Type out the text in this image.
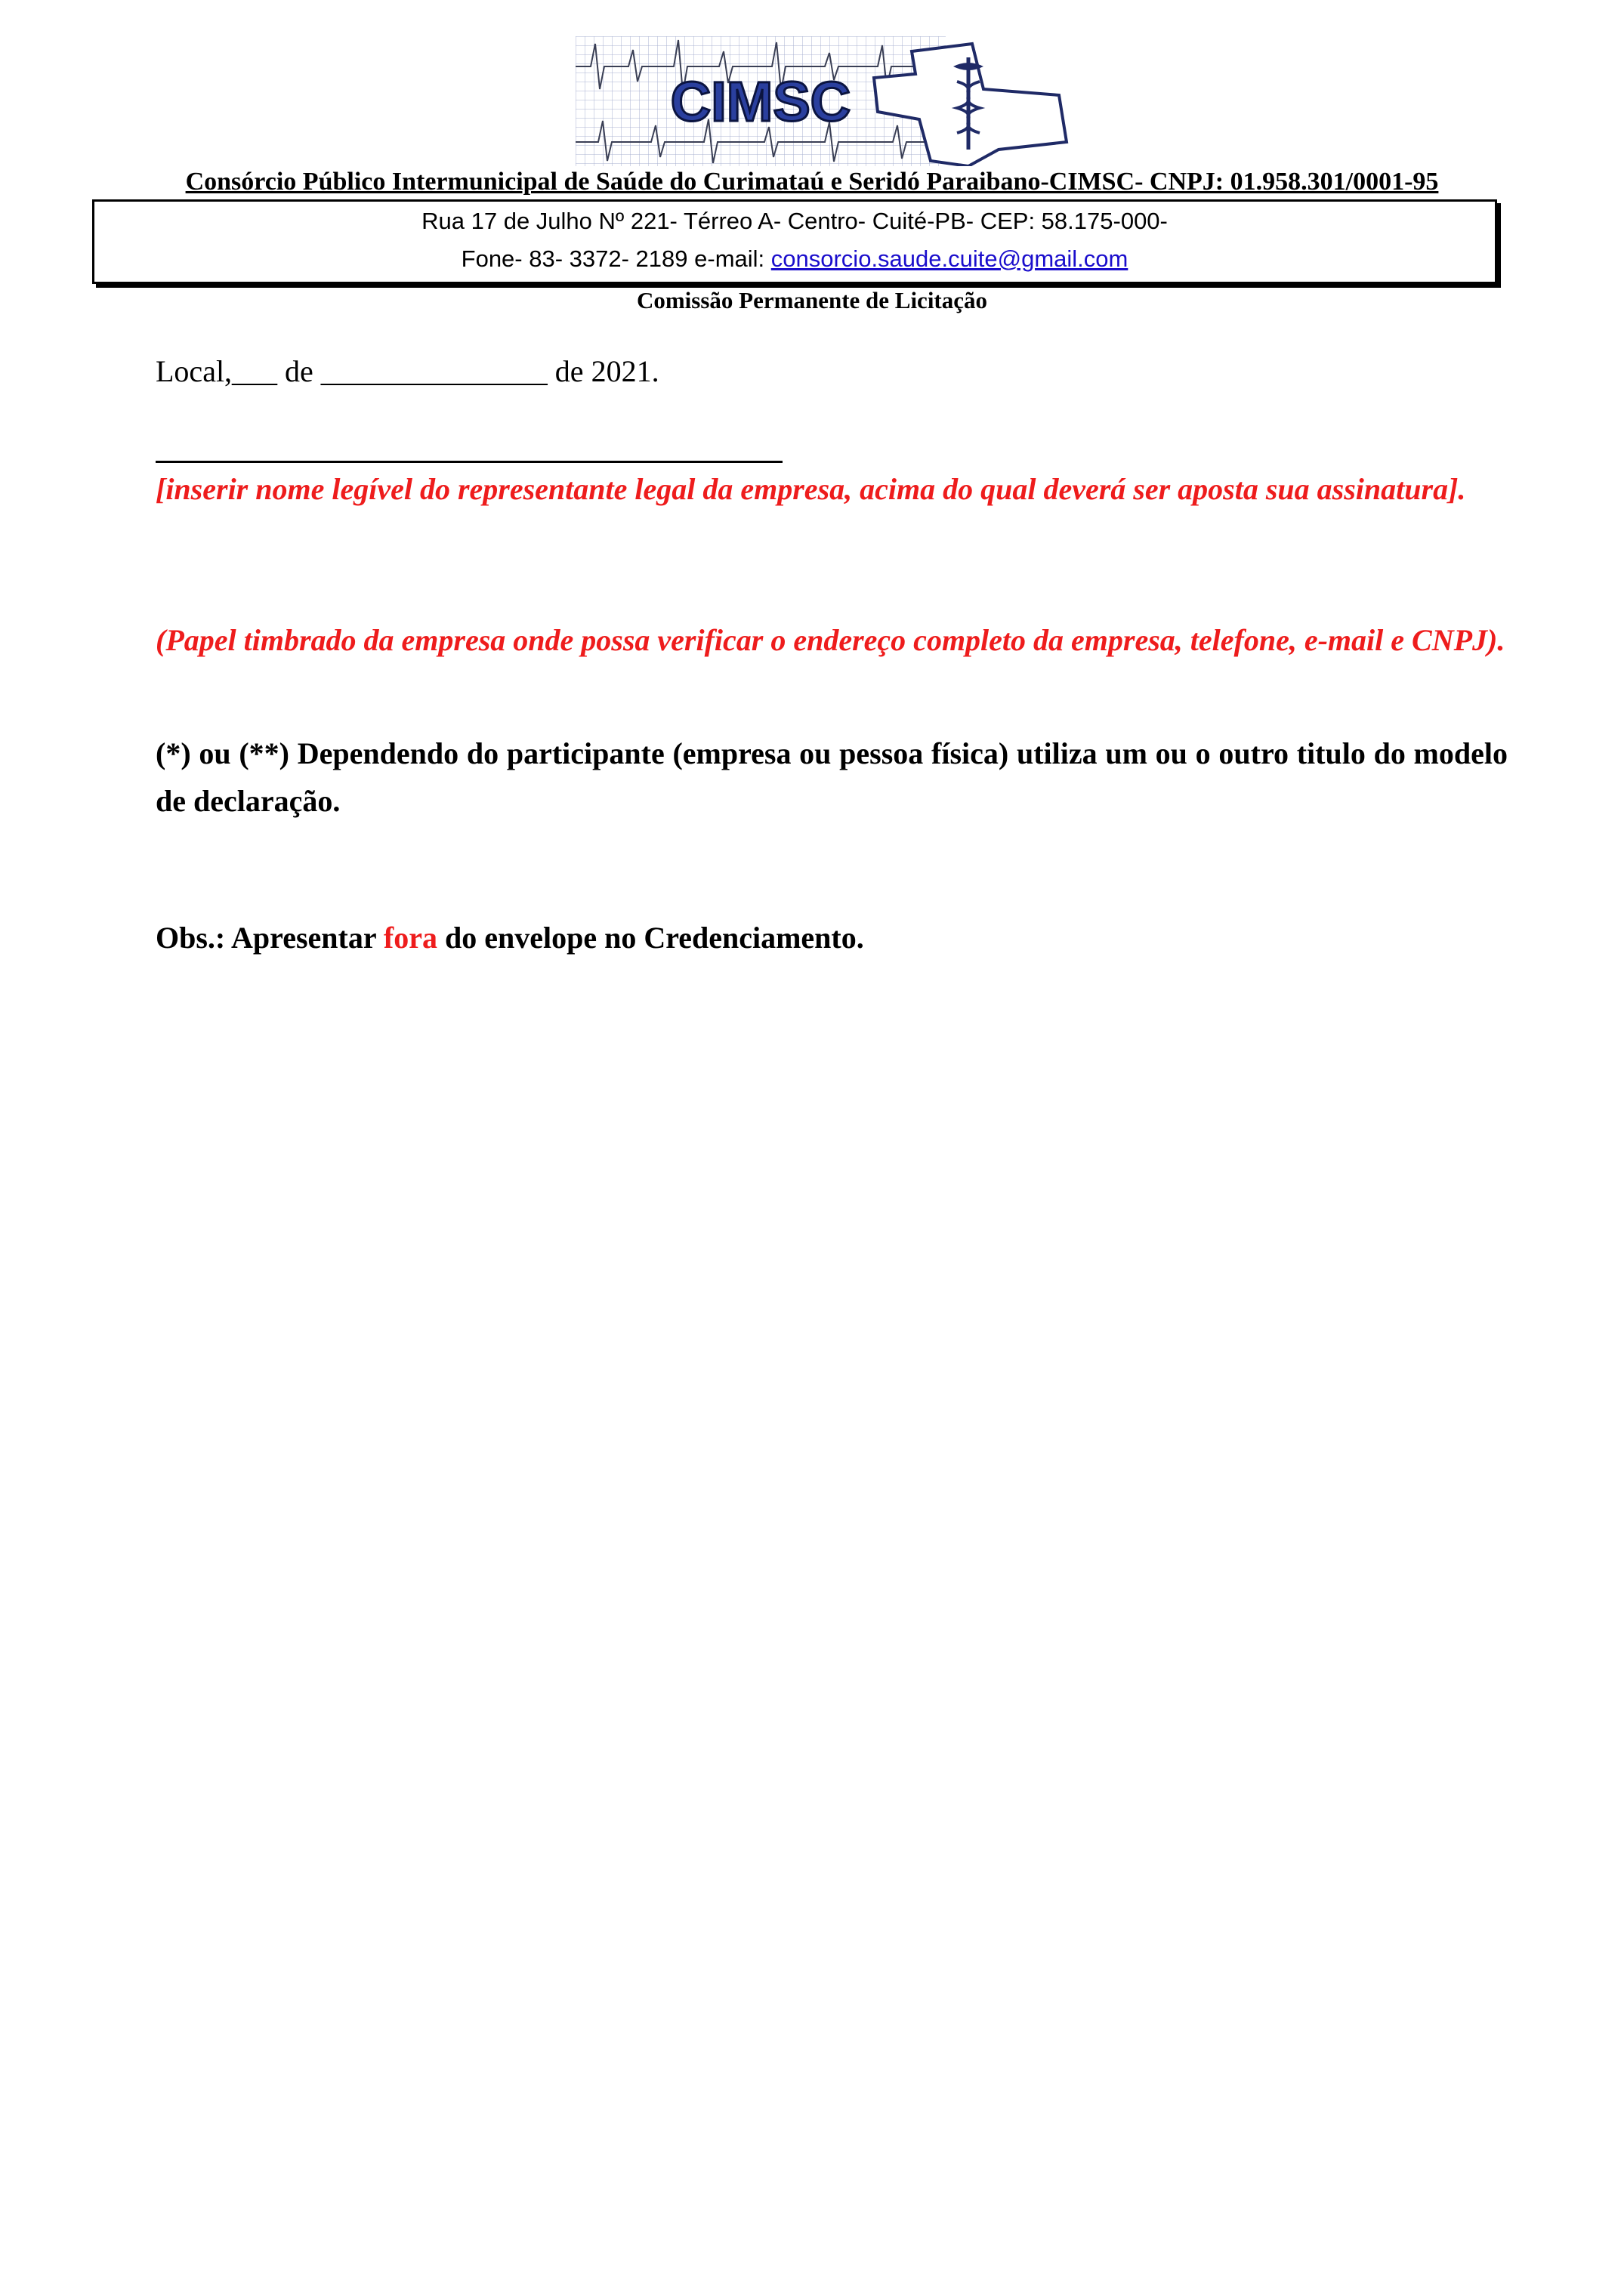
CIMSC
Consórcio Público Intermunicipal de Saúde do Curimataú e Seridó Paraibano-CIMSC- CNPJ: 01.958.301/0001-95
Rua 17 de Julho Nº 221- Térreo A- Centro- Cuité-PB- CEP: 58.175-000-
Fone- 83- 3372- 2189 e-mail: consorcio.saude.cuite@gmail.com
Comissão Permanente de Licitação
Local,___ de _______________ de 2021.
[inserir nome legível do representante legal da empresa, acima do qual deverá ser aposta sua assinatura].
(Papel timbrado da empresa onde possa verificar o endereço completo da empresa, telefone, e-mail e CNPJ).
(*) ou (**) Dependendo do participante (empresa ou pessoa física) utiliza um ou o outro titulo do modelo de declaração.
Obs.: Apresentar fora do envelope no Credenciamento.
